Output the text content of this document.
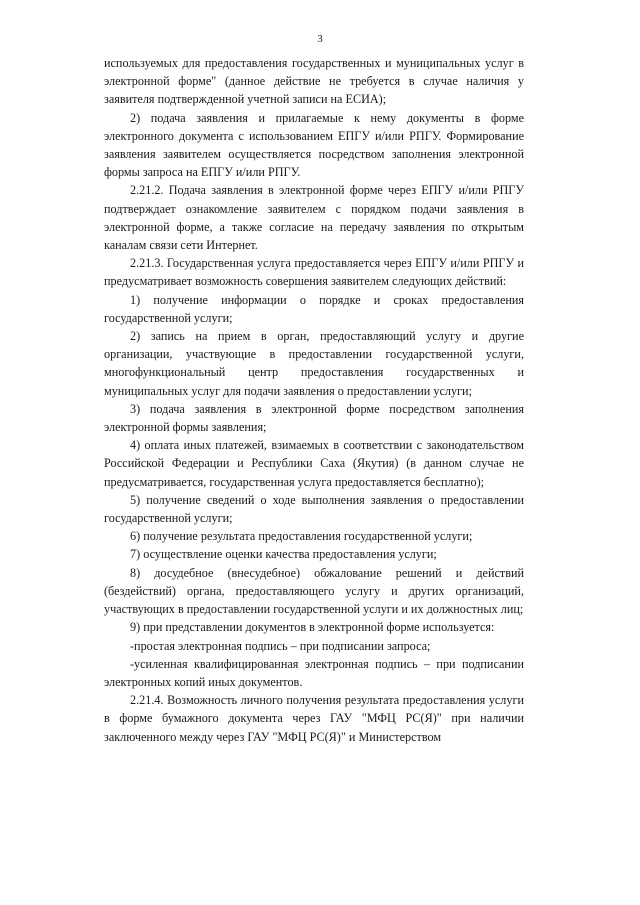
3

используемых для предоставления государственных и муниципальных услуг в электронной форме" (данное действие не требуется в случае наличия у заявителя подтвержденной учетной записи на ЕСИА);

2) подача заявления и прилагаемые к нему документы в форме электронного документа с использованием ЕПГУ и/или РПГУ. Формирование заявления заявителем осуществляется посредством заполнения электронной формы запроса на ЕПГУ и/или РПГУ.

2.21.2. Подача заявления в электронной форме через ЕПГУ и/или РПГУ подтверждает ознакомление заявителем с порядком подачи заявления в электронной форме, а также согласие на передачу заявления по открытым каналам связи сети Интернет.

2.21.3. Государственная услуга предоставляется через ЕПГУ и/или РПГУ и предусматривает возможность совершения заявителем следующих действий:

1) получение информации о порядке и сроках предоставления государственной услуги;

2) запись на прием в орган, предоставляющий услугу и другие организации, участвующие в предоставлении государственной услуги, многофункциональный центр предоставления государственных и муниципальных услуг для подачи заявления о предоставлении услуги;

3) подача заявления в электронной форме посредством заполнения электронной формы заявления;

4) оплата иных платежей, взимаемых в соответствии с законодательством Российской Федерации и Республики Саха (Якутия) (в данном случае не предусматривается, государственная услуга предоставляется бесплатно);

5) получение сведений о ходе выполнения заявления о предоставлении государственной услуги;

6) получение результата предоставления государственной услуги;

7) осуществление оценки качества предоставления услуги;

8) досудебное (внесудебное) обжалование решений и действий (бездействий) органа, предоставляющего услугу и других организаций, участвующих в предоставлении государственной услуги и их должностных лиц;

9) при представлении документов в электронной форме используется:

-простая электронная подпись – при подписании запроса;

-усиленная квалифицированная электронная подпись – при подписании электронных копий иных документов.

2.21.4. Возможность личного получения результата предоставления услуги в форме бумажного документа через ГАУ "МФЦ РС(Я)" при наличии заключенного между через ГАУ "МФЦ РС(Я)" и Министерством
